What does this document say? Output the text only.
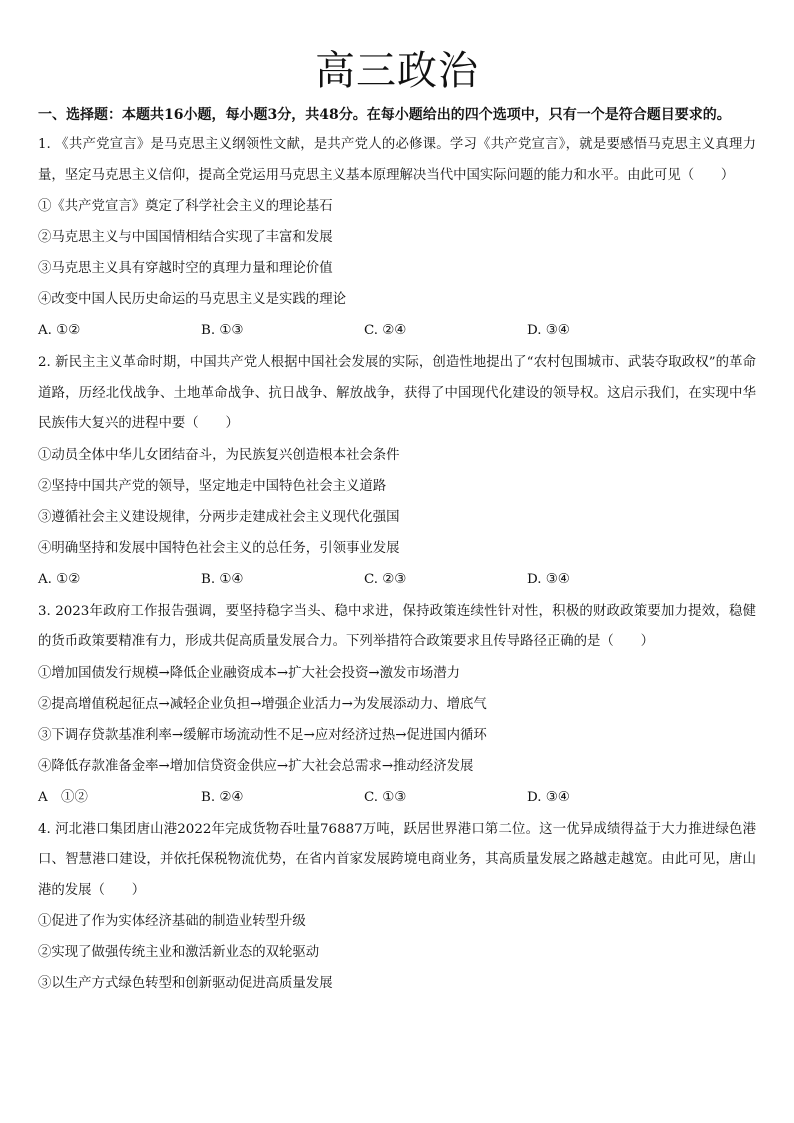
高三政治
一、选择题：本题共16小题，每小题3分，共48分。在每小题给出的四个选项中，只有一个是符合题目要求的。
1. 《共产党宣言》是马克思主义纲领性文献，是共产党人的必修课。学习《共产党宣言》，就是要感悟马克思主义真理力量，坚定马克思主义信仰，提高全党运用马克思主义基本原理解决当代中国实际问题的能力和水平。由此可见（　　）
①《共产党宣言》奠定了科学社会主义的理论基石
②马克思主义与中国国情相结合实现了丰富和发展
③马克思主义具有穿越时空的真理力量和理论价值
④改变中国人民历史命运的马克思主义是实践的理论
A. ①②	B. ①③	C. ②④	D. ③④
2. 新民主主义革命时期，中国共产党人根据中国社会发展的实际，创造性地提出了“农村包围城市、武装夺取政权”的革命道路，历经北伐战争、土地革命战争、抗日战争、解放战争，获得了中国现代化建设的领导权。这启示我们，在实现中华民族伟大复兴的进程中要（　　）
①动员全体中华儿女团结奋斗，为民族复兴创造根本社会条件
②坚持中国共产党的领导，坚定地走中国特色社会主义道路
③遵循社会主义建设规律，分两步走建成社会主义现代化强国
④明确坚持和发展中国特色社会主义的总任务，引领事业发展
A. ①②	B. ①④	C. ②③	D. ③④
3. 2023年政府工作报告强调，要坚持稳字当头、稳中求进，保持政策连续性针对性，积极的财政政策要加力提效，稳健的货币政策要精准有力，形成共促高质量发展合力。下列举措符合政策要求且传导路径正确的是（　　）
①增加国债发行规模→降低企业融资成本→扩大社会投资→激发市场潜力
②提高增值税起征点→减轻企业负担→增强企业活力→为发展添动力、增底气
③下调存贷款基准利率→缓解市场流动性不足→应对经济过热→促进国内循环
④降低存款准备金率→增加信贷资金供应→扩大社会总需求→推动经济发展
A　①②	B. ②④	C. ①③	D. ③④
4. 河北港口集团唐山港2022年完成货物吞吐量76887万吨，跃居世界港口第二位。这一优异成绩得益于大力推进绿色港口、智慧港口建设，并依托保税物流优势，在省内首家发展跨境电商业务，其高质量发展之路越走越宽。由此可见，唐山港的发展（　　）
①促进了作为实体经济基础的制造业转型升级
②实现了做强传统主业和激活新业态的双轮驱动
③以生产方式绿色转型和创新驱动促进高质量发展
